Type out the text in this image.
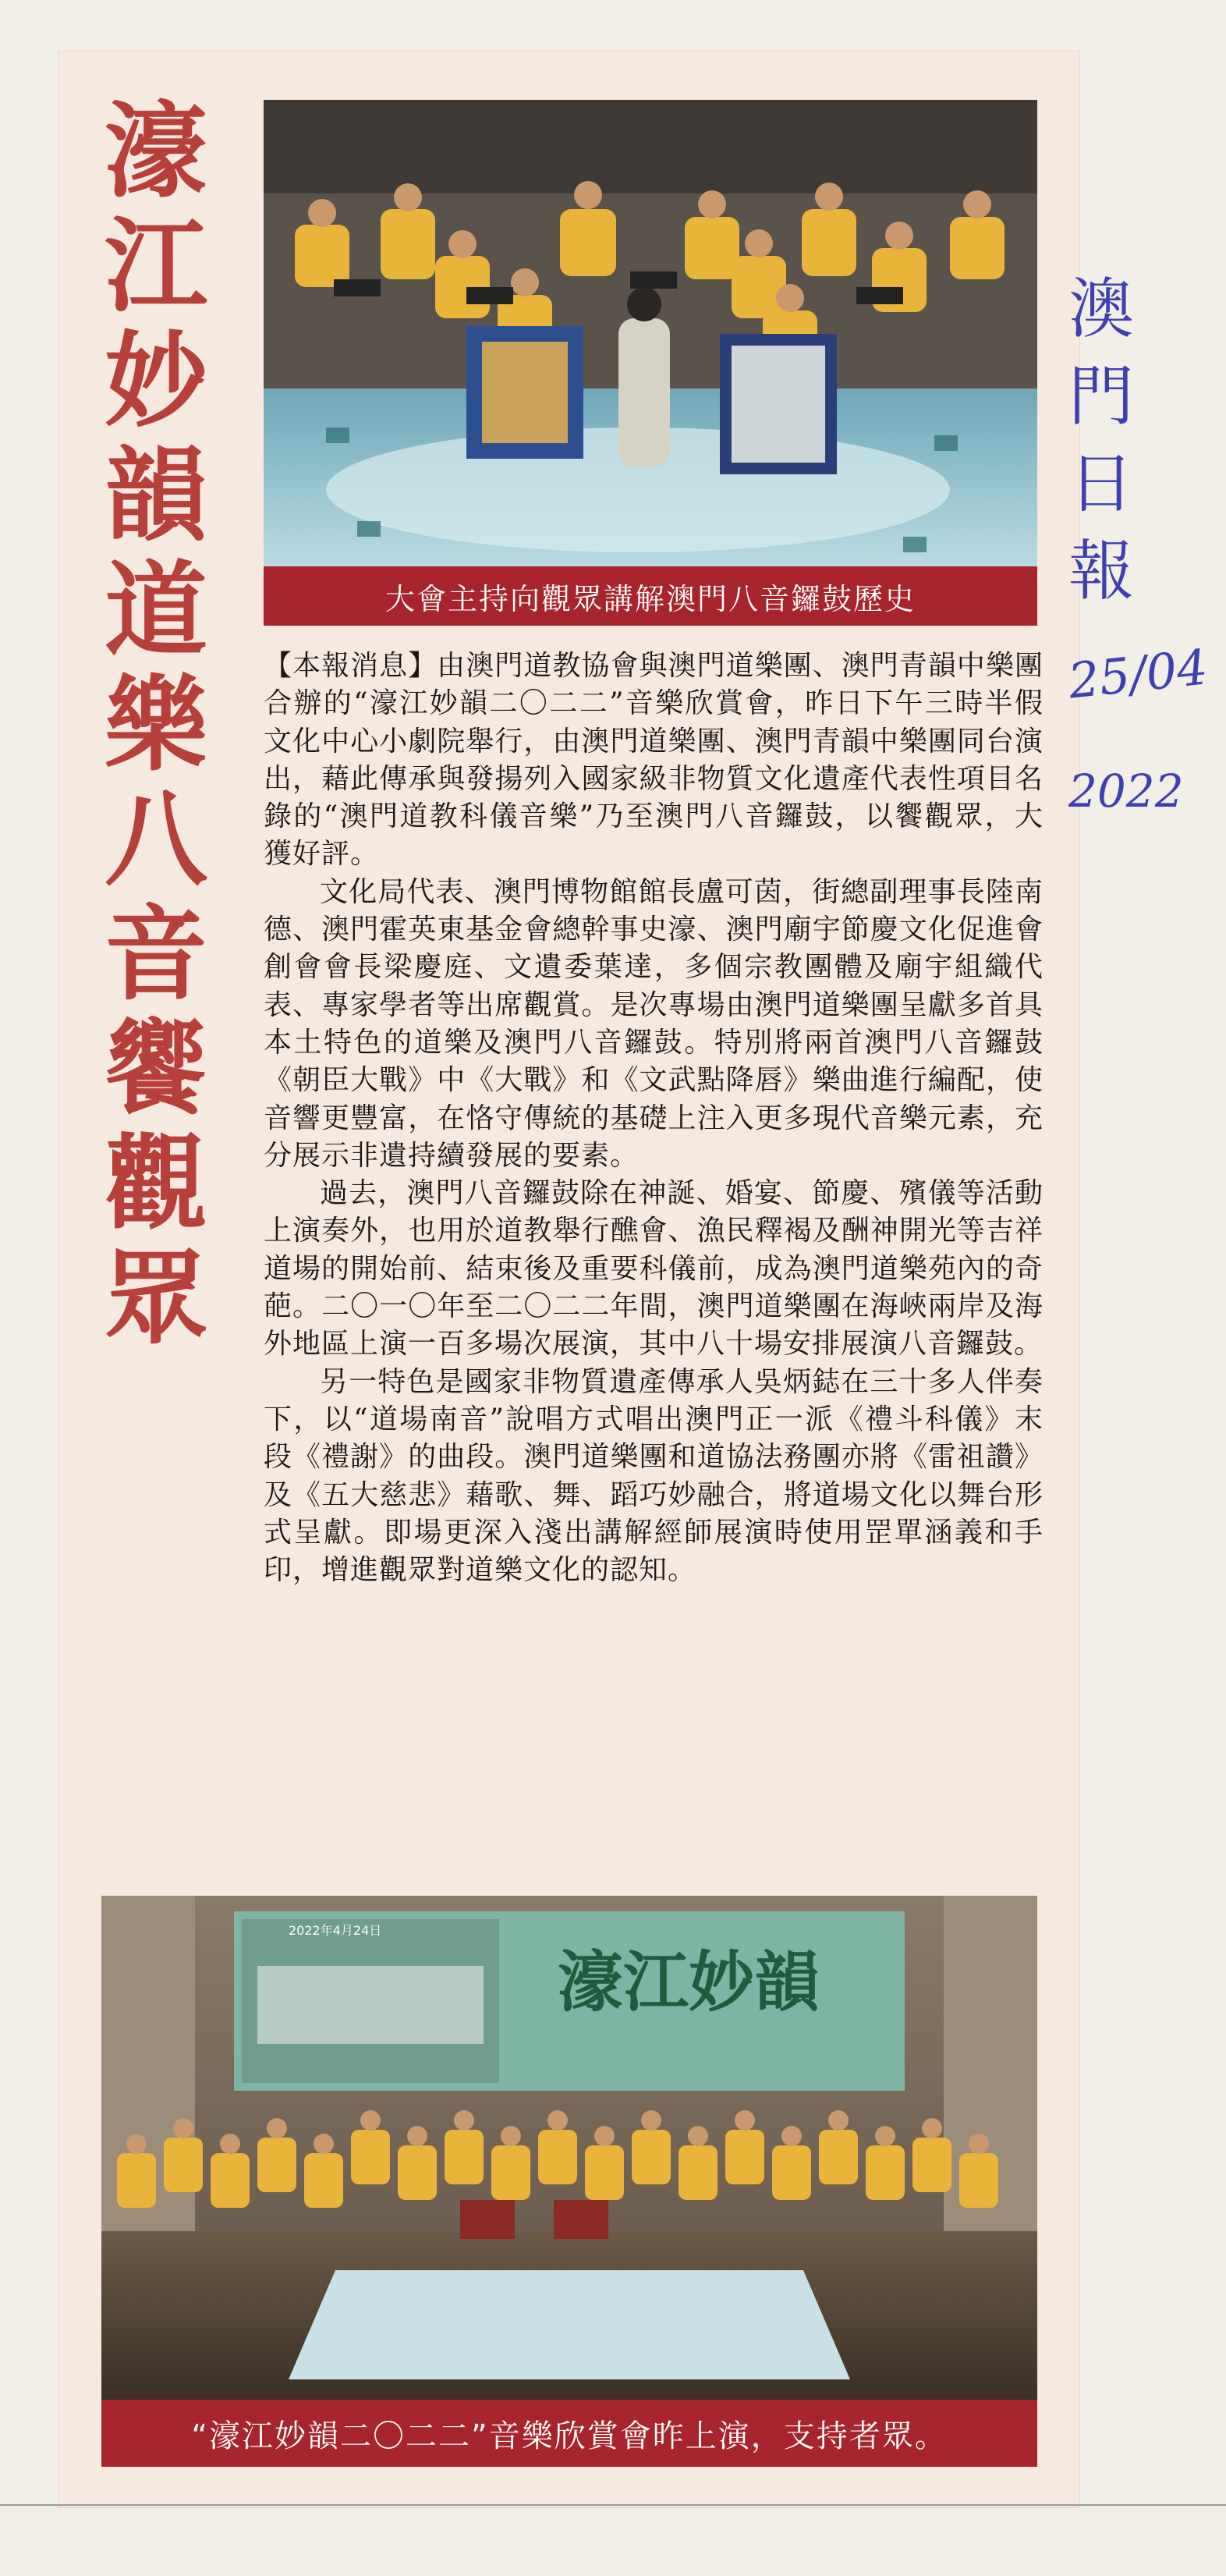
濠
江
妙
韻
道
樂
八
音
饗
觀
眾
大會主持向觀眾講解澳門八音鑼鼓歷史

【本報消息】由澳門道教協會與澳門道樂團、澳門青韻中樂團合辦的“濠江妙韻二〇二二”音樂欣賞會，昨日下午三時半假文化中心小劇院舉行，由澳門道樂團、澳門青韻中樂團同台演出，藉此傳承與發揚列入國家級非物質文化遺產代表性項目名錄的“澳門道教科儀音樂”乃至澳門八音鑼鼓，以饗觀眾，大獲好評。

文化局代表、澳門博物館館長盧可茵，街總副理事長陸南德、澳門霍英東基金會總幹事史濠、澳門廟宇節慶文化促進會創會會長梁慶庭、文遺委葉達，多個宗教團體及廟宇組織代表、專家學者等出席觀賞。是次專場由澳門道樂團呈獻多首具本土特色的道樂及澳門八音鑼鼓。特別將兩首澳門八音鑼鼓《朝臣大戰》中《大戰》和《文武點降唇》樂曲進行編配，使音響更豐富，在恪守傳統的基礎上注入更多現代音樂元素，充分展示非遺持續發展的要素。

過去，澳門八音鑼鼓除在神誕、婚宴、節慶、殯儀等活動上演奏外，也用於道教舉行醮會、漁民釋褐及酬神開光等吉祥道場的開始前、結束後及重要科儀前，成為澳門道樂苑內的奇葩。二〇一〇年至二〇二二年間，澳門道樂團在海峽兩岸及海外地區上演一百多場次展演，其中八十場安排展演八音鑼鼓。

另一特色是國家非物質遺產傳承人吳炳鋕在三十多人伴奏下，以“道場南音”說唱方式唱出澳門正一派《禮斗科儀》末段《禮謝》的曲段。澳門道樂團和道協法務團亦將《雷祖讚》及《五大慈悲》藉歌、舞、蹈巧妙融合，將道場文化以舞台形式呈獻。即場更深入淺出講解經師展演時使用罡單涵義和手印，增進觀眾對道樂文化的認知。

澳
門
日
報
25/04
2022
2022年4月24日
濠江妙韻
“濠江妙韻二〇二二”音樂欣賞會昨上演，支持者眾。
